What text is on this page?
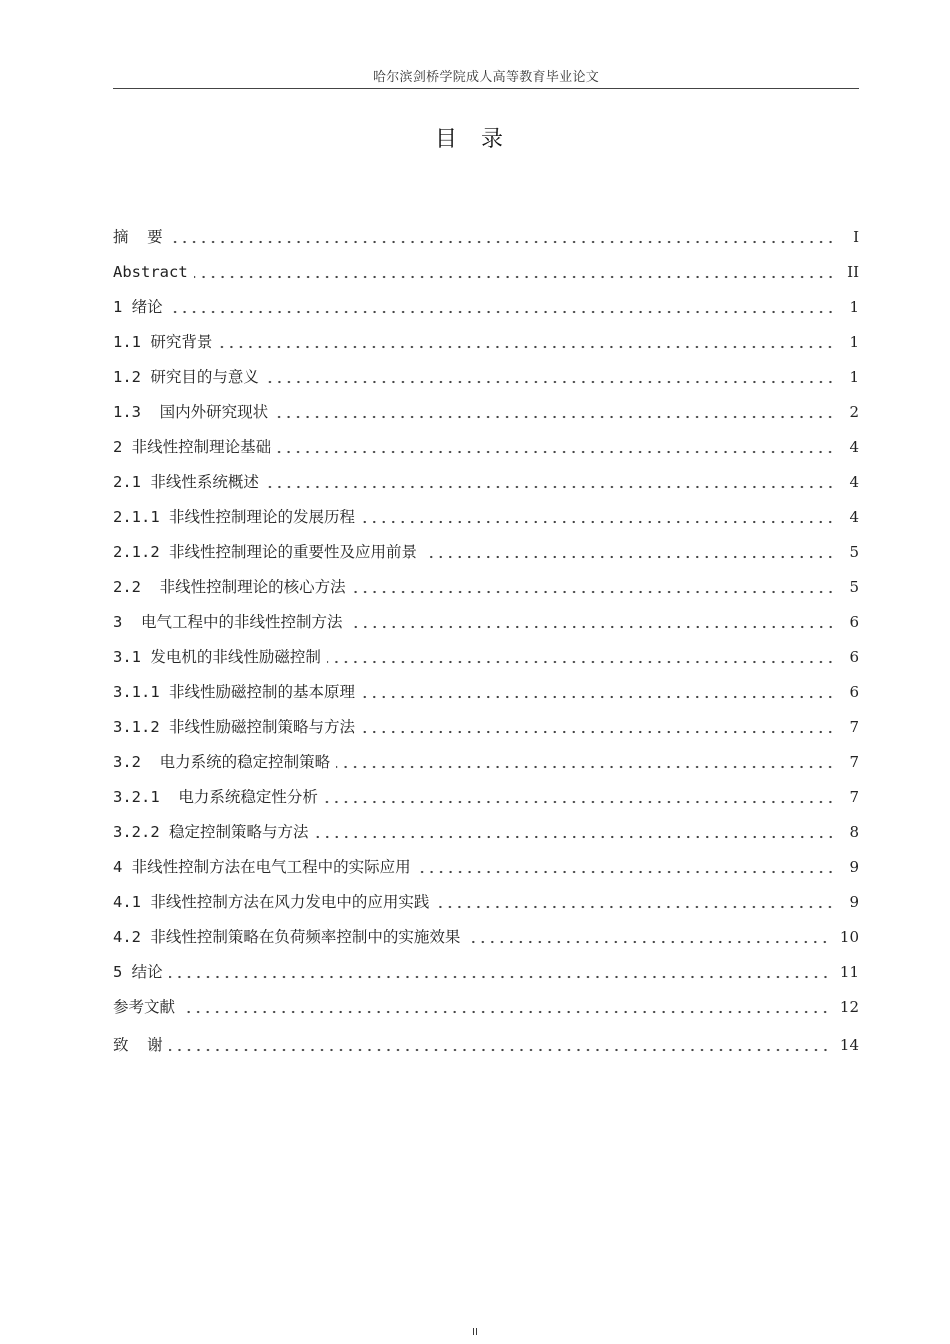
哈尔滨剑桥学院成人高等教育毕业论文
目录
摘  要	I
Abstract	II
1 绪论	1
1.1 研究背景	1
1.2 研究目的与意义	1
1.3  国内外研究现状	2
2 非线性控制理论基础	4
2.1 非线性系统概述	4
2.1.1 非线性控制理论的发展历程	4
2.1.2 非线性控制理论的重要性及应用前景	5
2.2  非线性控制理论的核心方法	5
3  电气工程中的非线性控制方法	6
3.1 发电机的非线性励磁控制	6
3.1.1 非线性励磁控制的基本原理	6
3.1.2 非线性励磁控制策略与方法	7
3.2  电力系统的稳定控制策略	7
3.2.1  电力系统稳定性分析	7
3.2.2 稳定控制策略与方法	8
4 非线性控制方法在电气工程中的实际应用	9
4.1 非线性控制方法在风力发电中的应用实践	9
4.2 非线性控制策略在负荷频率控制中的实施效果	10
5 结论	11
参考文献	12
致  谢	14
II
